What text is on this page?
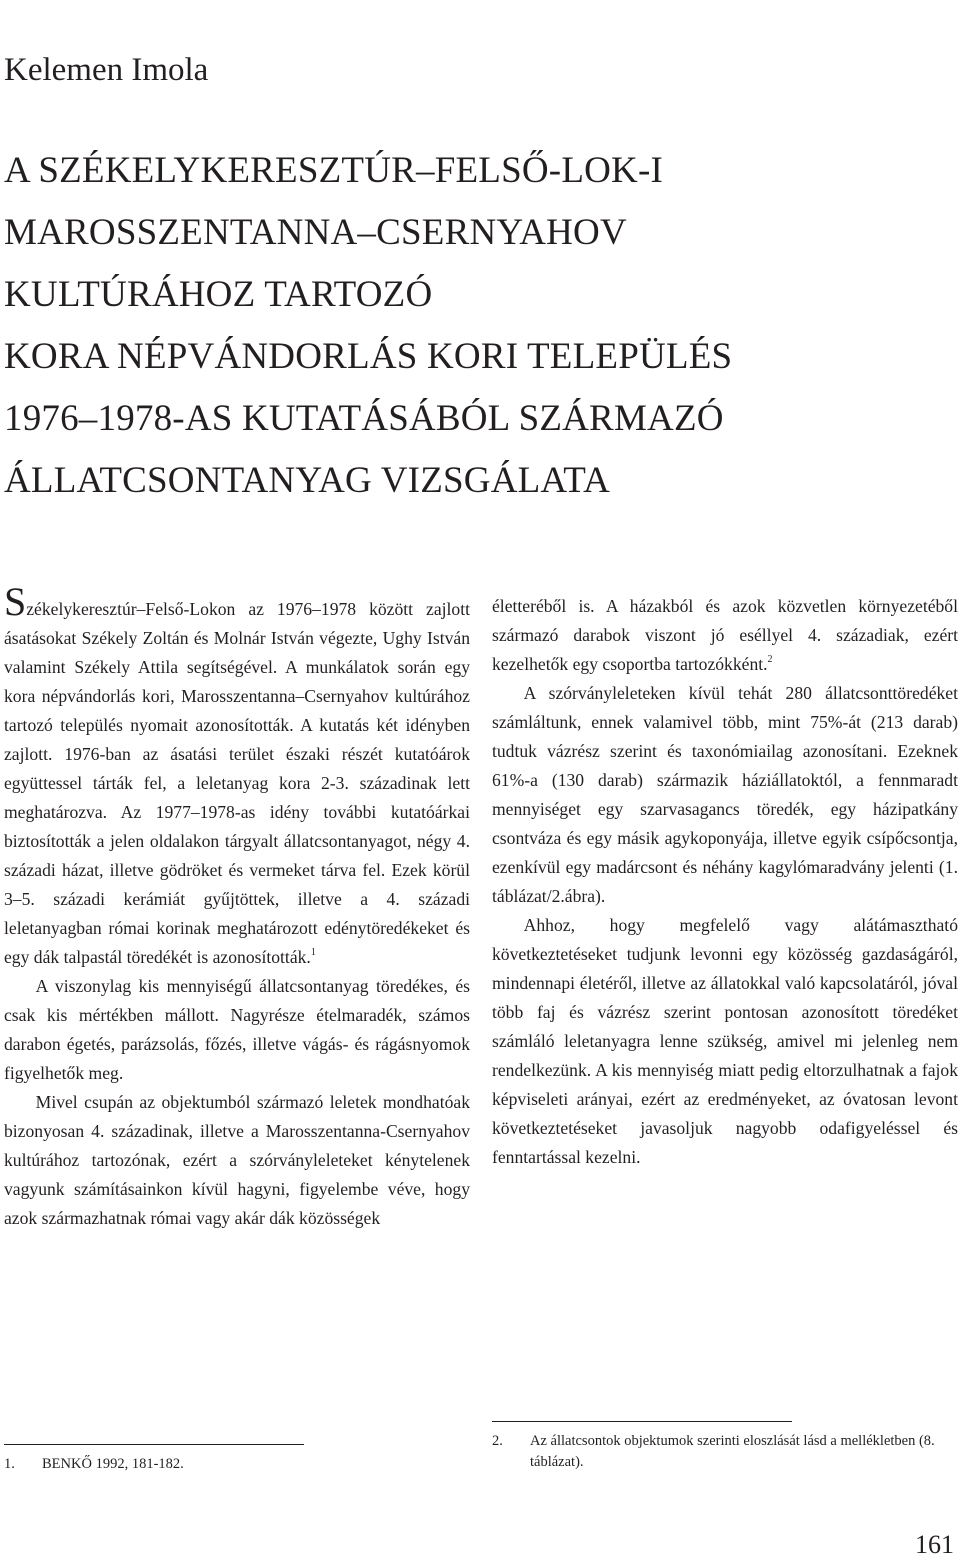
Kelemen Imola
A SZÉKELYKERESZTÚR–FELSŐ-LOK-I
MAROSSZENTANNA–CSERNYAHOV
KULTÚRÁHOZ TARTOZÓ
KORA NÉPVÁNDORLÁS KORI TELEPÜLÉS
1976–1978-AS KUTATÁSÁBÓL SZÁRMAZÓ
ÁLLATCSONTANYAG VIZSGÁLATA

Székelykeresztúr–Felső-Lokon az 1976–1978 között zajlott ásatásokat Székely Zoltán és Molnár István végezte, Ughy István valamint Székely Attila segítségével. A munkálatok során egy kora népvándorlás kori, Marosszentanna–Csernyahov kultúrához tartozó település nyomait azonosították. A kutatás két idényben zajlott. 1976-ban az ásatási terület északi részét kutatóárok együttessel tárták fel, a leletanyag kora 2-3. századinak lett meghatározva. Az 1977–1978-as idény további kutatóárkai biztosították a jelen oldalakon tárgyalt állatcsontanyagot, négy 4. századi házat, illetve gödröket és vermeket tárva fel. Ezek körül 3–5. századi kerámiát gyűjtöttek, illetve a 4. századi leletanyagban római korinak meghatározott edénytöredékeket és egy dák talpastál töredékét is azonosították.$^1$

A viszonylag kis mennyiségű állatcsontanyag töredékes, és csak kis mértékben mállott. Nagyrésze ételmaradék, számos darabon égetés, parázsolás, főzés, illetve vágás- és rágásnyomok figyelhetők meg.

Mivel csupán az objektumból származó leletek mondhatóak bizonyosan 4. századinak, illetve a Marosszentanna-Csernyahov kultúrához tartozónak, ezért a szórványleleteket kénytelenek vagyunk számításainkon kívül hagyni, figyelembe véve, hogy azok származhatnak római vagy akár dák közösségek

életteréből is. A házakból és azok közvetlen környezetéből származó darabok viszont jó eséllyel 4. századiak, ezért kezelhetők egy csoportba tartozókként.$^2$

A szórványleleteken kívül tehát 280 állatcsonttöredéket számláltunk, ennek valamivel több, mint 75%-át (213 darab) tudtuk vázrész szerint és taxonómiailag azonosítani. Ezeknek 61%-a (130 darab) származik háziállatoktól, a fennmaradt mennyiséget egy szarvasagancs töredék, egy házipatkány csontváza és egy másik agykoponyája, illetve egyik csípőcsontja, ezenkívül egy madárcsont és néhány kagylómaradvány jelenti (1. táblázat/2.ábra).

Ahhoz, hogy megfelelő vagy alátámasztható következtetéseket tudjunk levonni egy közösség gazdaságáról, mindennapi életéről, illetve az állatokkal való kapcsolatáról, jóval több faj és vázrész szerint pontosan azonosított töredéket számláló leletanyagra lenne szükség, amivel mi jelenleg nem rendelkezünk. A kis mennyiség miatt pedig eltorzulhatnak a fajok képviseleti arányai, ezért az eredményeket, az óvatosan levont következtetéseket javasoljuk nagyobb odafigyeléssel és fenntartással kezelni.

1.	BENKŐ 1992, 181-182.
2.	Az állatcsontok objektumok szerinti eloszlását lásd a mellékletben (8. táblázat).
161
